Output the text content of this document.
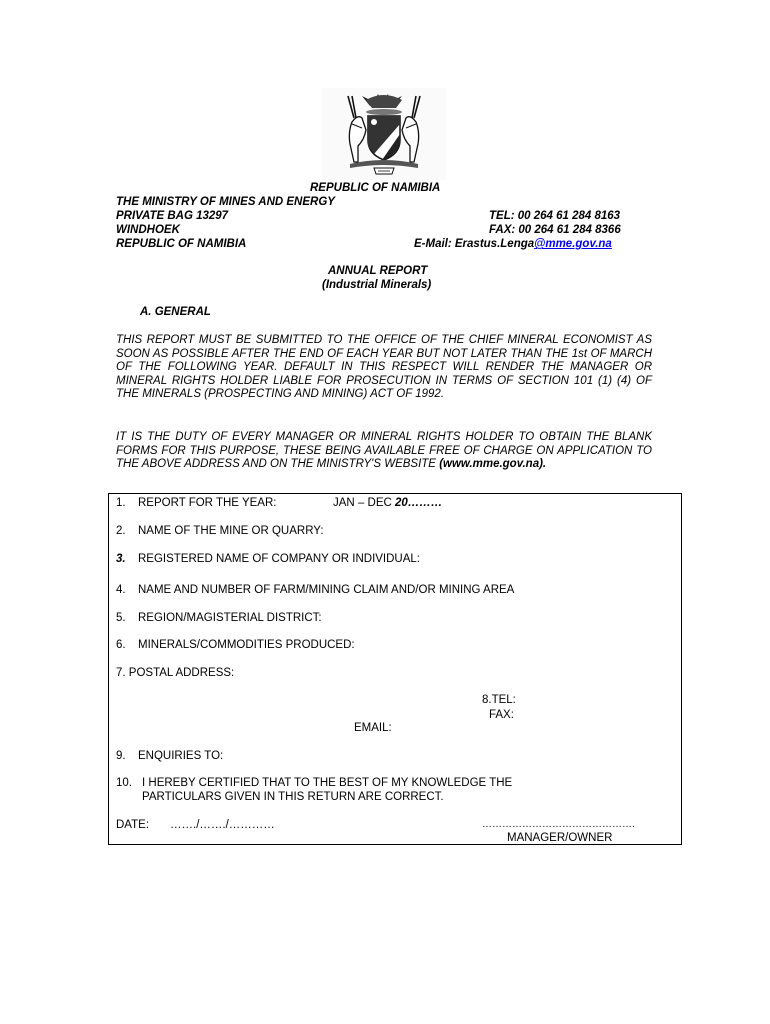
REPUBLIC OF NAMIBIA
THE MINISTRY OF MINES AND ENERGY
PRIVATE BAG 13297
WINDHOEK
REPUBLIC OF NAMIBIA
TEL: 00 264 61 284 8163
FAX: 00 264 61 284 8366
E-Mail: Erastus.Lenga@mme.gov.na
ANNUAL REPORT
(Industrial Minerals)
A. GENERAL
THIS REPORT MUST BE SUBMITTED TO THE OFFICE OF THE CHIEF MINERAL ECONOMIST AS SOON AS POSSIBLE AFTER THE END OF EACH YEAR BUT NOT LATER THAN THE 1st OF MARCH OF THE FOLLOWING YEAR. DEFAULT IN THIS RESPECT WILL RENDER THE MANAGER OR MINERAL RIGHTS HOLDER LIABLE FOR PROSECUTION IN TERMS OF SECTION 101 (1) (4) OF THE MINERALS (PROSPECTING AND MINING) ACT OF 1992.
IT IS THE DUTY OF EVERY MANAGER OR MINERAL RIGHTS HOLDER TO OBTAIN THE BLANK FORMS FOR THIS PURPOSE, THESE BEING AVAILABLE FREE OF CHARGE ON APPLICATION TO THE ABOVE ADDRESS AND ON THE MINISTRY'S WEBSITE (www.mme.gov.na).
1. REPORT FOR THE YEAR:	JAN – DEC 20………
2. NAME OF THE MINE OR QUARRY:
3. REGISTERED NAME OF COMPANY OR INDIVIDUAL:
4. NAME AND NUMBER OF FARM/MINING CLAIM AND/OR MINING AREA
5. REGION/MAGISTERIAL DISTRICT:
6. MINERALS/COMMODITIES PRODUCED:
7. POSTAL ADDRESS:
8.TEL:
FAX:
EMAIL:
9. ENQUIRIES TO:
10. I HEREBY CERTIFIED THAT TO THE BEST OF MY KNOWLEDGE THE
PARTICULARS GIVEN IN THIS RETURN ARE CORRECT.
DATE: ……./……./…………	……………………………………….
MANAGER/OWNER
